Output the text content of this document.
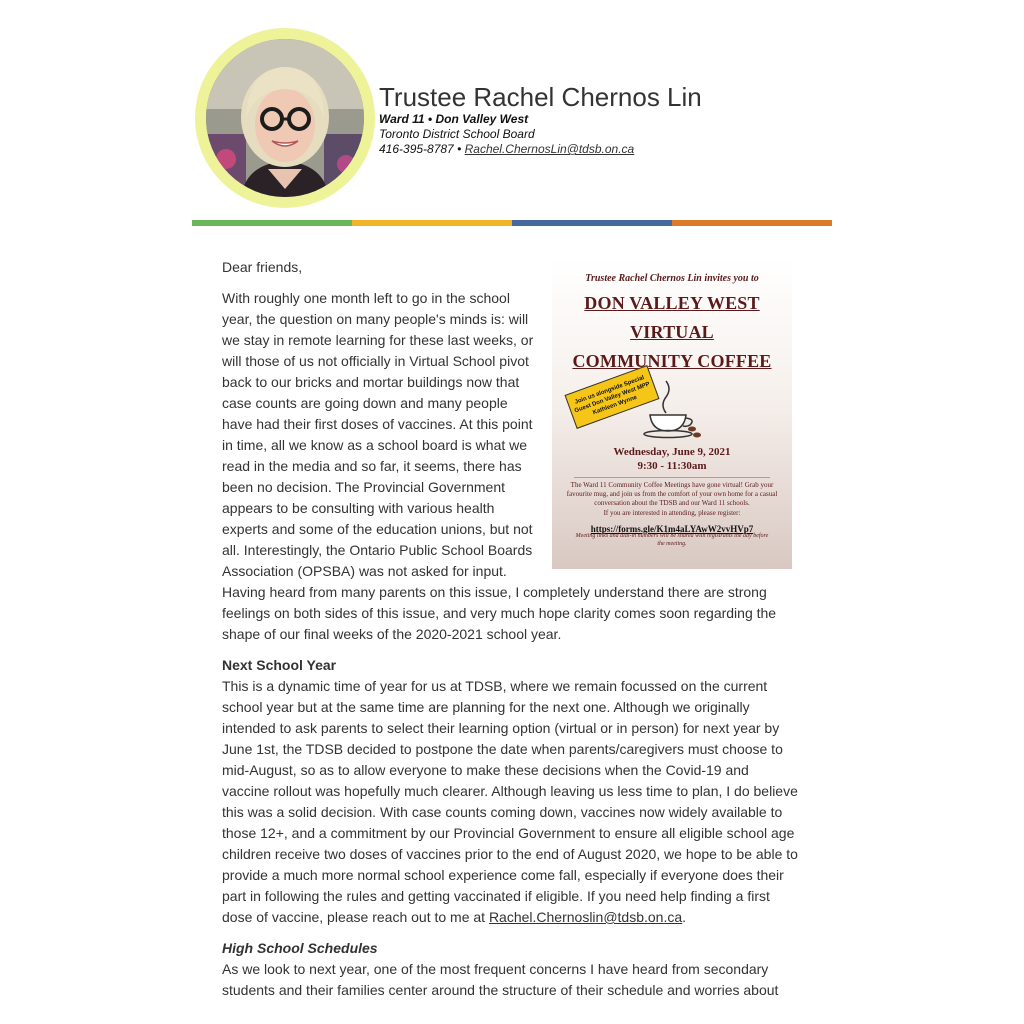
Trustee Rachel Chernos Lin
Ward 11 • Don Valley West
Toronto District School Board
416-395-8787 • Rachel.ChernosLin@tdsb.on.ca
Trustee Rachel Chernos Lin invites you to
DON VALLEY WEST
VIRTUAL
COMMUNITY COFFEE
Join us alongside Special Guest Don Valley West MPP Kathleen Wynne
Wednesday, June 9, 2021
9:30 - 11:30am
The Ward 11 Community Coffee Meetings have gone virtual! Grab your favourite mug, and join us from the comfort of your own home for a casual conversation about the TDSB and our Ward 11 schools.
If you are interested in attending, please register:
https://forms.gle/K1m4aLYAwW2vvHVp7
Meeting links and dial-in numbers will be shared with registrants the day before the meeting.

Dear friends,

With roughly one month left to go in the school year, the question on many people's minds is: will we stay in remote learning for these last weeks, or will those of us not officially in Virtual School pivot back to our bricks and mortar buildings now that case counts are going down and many people have had their first doses of vaccines. At this point in time, all we know as a school board is what we read in the media and so far, it seems, there has been no decision. The Provincial Government appears to be consulting with various health experts and some of the education unions, but not all. Interestingly, the Ontario Public School Boards Association (OPSBA) was not asked for input. Having heard from many parents on this issue, I completely understand there are strong feelings on both sides of this issue, and very much hope clarity comes soon regarding the shape of our final weeks of the 2020-2021 school year.

Next School Year

This is a dynamic time of year for us at TDSB, where we remain focussed on the current school year but at the same time are planning for the next one. Although we originally intended to ask parents to select their learning option (virtual or in person) for next year by June 1st, the TDSB decided to postpone the date when parents/caregivers must choose to mid-August, so as to allow everyone to make these decisions when the Covid-19 and vaccine rollout was hopefully much clearer. Although leaving us less time to plan, I do believe this was a solid decision. With case counts coming down, vaccines now widely available to those 12+, and a commitment by our Provincial Government to ensure all eligible school age children receive two doses of vaccines prior to the end of August 2020, we hope to be able to provide a much more normal school experience come fall, especially if everyone does their part in following the rules and getting vaccinated if eligible. If you need help finding a first dose of vaccine, please reach out to me at Rachel.Chernoslin@tdsb.on.ca.

High School Schedules

As we look to next year, one of the most frequent concerns I have heard from secondary students and their families center around the structure of their schedule and worries about
